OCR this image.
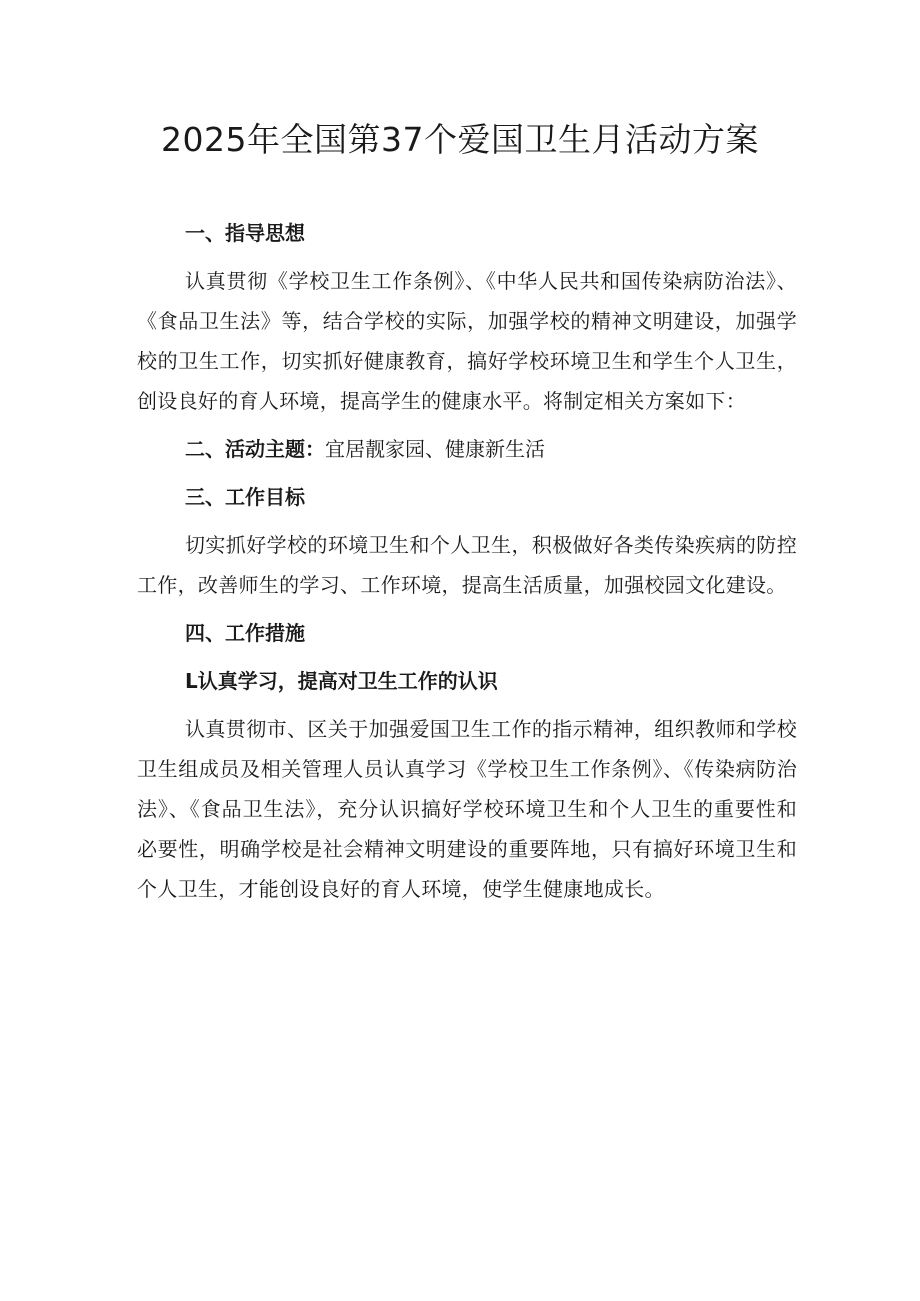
2025年全国第37个爱国卫生月活动方案

一、指导思想

认真贯彻《学校卫生工作条例》、《中华人民共和国传染病防治法》、《食品卫生法》等，结合学校的实际，加强学校的精神文明建设，加强学校的卫生工作，切实抓好健康教育，搞好学校环境卫生和学生个人卫生，创设良好的育人环境，提高学生的健康水平。将制定相关方案如下：

二、活动主题：宜居靓家园、健康新生活

三、工作目标

切实抓好学校的环境卫生和个人卫生，积极做好各类传染疾病的防控工作，改善师生的学习、工作环境，提高生活质量，加强校园文化建设。

四、工作措施

L认真学习，提高对卫生工作的认识

认真贯彻市、区关于加强爱国卫生工作的指示精神，组织教师和学校卫生组成员及相关管理人员认真学习《学校卫生工作条例》、《传染病防治法》、《食品卫生法》，充分认识搞好学校环境卫生和个人卫生的重要性和必要性，明确学校是社会精神文明建设的重要阵地，只有搞好环境卫生和个人卫生，才能创设良好的育人环境，使学生健康地成长。
